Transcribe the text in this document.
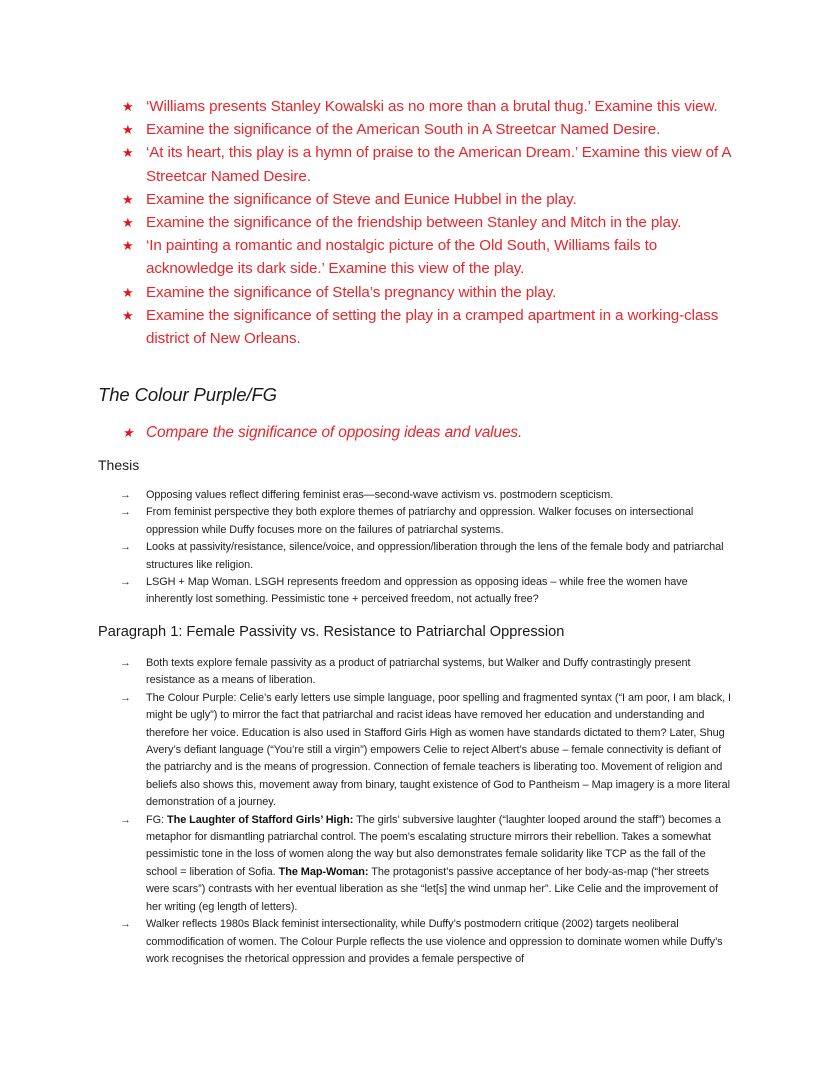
★ ‘Williams presents Stanley Kowalski as no more than a brutal thug.’ Examine this view.
★ Examine the significance of the American South in A Streetcar Named Desire.
★ ‘At its heart, this play is a hymn of praise to the American Dream.’ Examine this view of A Streetcar Named Desire.
★ Examine the significance of Steve and Eunice Hubbel in the play.
★ Examine the significance of the friendship between Stanley and Mitch in the play.
★ ‘In painting a romantic and nostalgic picture of the Old South, Williams fails to acknowledge its dark side.’ Examine this view of the play.
★ Examine the significance of Stella’s pregnancy within the play.
★ Examine the significance of setting the play in a cramped apartment in a working-class district of New Orleans.
The Colour Purple/FG
★ Compare the significance of opposing ideas and values.
Thesis
→ Opposing values reflect differing feminist eras—second-wave activism vs. postmodern scepticism.
→ From feminist perspective they both explore themes of patriarchy and oppression. Walker focuses on intersectional oppression while Duffy focuses more on the failures of patriarchal systems.
→ Looks at passivity/resistance, silence/voice, and oppression/liberation through the lens of the female body and patriarchal structures like religion.
→ LSGH + Map Woman. LSGH represents freedom and oppression as opposing ideas – while free the women have inherently lost something. Pessimistic tone + perceived freedom, not actually free?
Paragraph 1: Female Passivity vs. Resistance to Patriarchal Oppression
→ Both texts explore female passivity as a product of patriarchal systems, but Walker and Duffy contrastingly present resistance as a means of liberation.
→ The Colour Purple: Celie’s early letters use simple language, poor spelling and fragmented syntax (“I am poor, I am black, I might be ugly”) to mirror the fact that patriarchal and racist ideas have removed her education and understanding and therefore her voice. Education is also used in Stafford Girls High as women have standards dictated to them? Later, Shug Avery’s defiant language (“You’re still a virgin”) empowers Celie to reject Albert’s abuse – female connectivity is defiant of the patriarchy and is the means of progression. Connection of female teachers is liberating too. Movement of religion and beliefs also shows this, movement away from binary, taught existence of God to Pantheism – Map imagery is a more literal demonstration of a journey.
→ FG: The Laughter of Stafford Girls’ High: The girls’ subversive laughter (“laughter looped around the staff”) becomes a metaphor for dismantling patriarchal control. The poem’s escalating structure mirrors their rebellion. Takes a somewhat pessimistic tone in the loss of women along the way but also demonstrates female solidarity like TCP as the fall of the school = liberation of Sofia. The Map-Woman: The protagonist’s passive acceptance of her body-as-map (“her streets were scars”) contrasts with her eventual liberation as she “let[s] the wind unmap her”. Like Celie and the improvement of her writing (eg length of letters).
→ Walker reflects 1980s Black feminist intersectionality, while Duffy’s postmodern critique (2002) targets neoliberal commodification of women. The Colour Purple reflects the use violence and oppression to dominate women while Duffy’s work recognises the rhetorical oppression and provides a female perspective of
